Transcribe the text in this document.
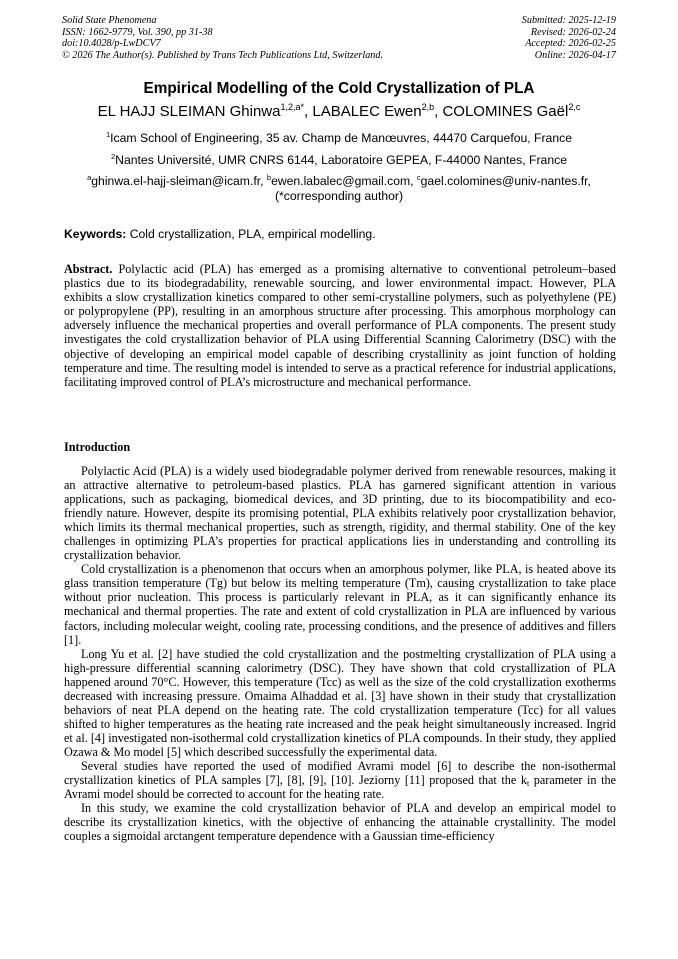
Solid State Phenomena
ISSN: 1662-9779, Vol. 390, pp 31-38
doi:10.4028/p-LwDCV7
© 2026 The Author(s). Published by Trans Tech Publications Ltd, Switzerland.
Submitted: 2025-12-19
Revised: 2026-02-24
Accepted: 2026-02-25
Online: 2026-04-17
Empirical Modelling of the Cold Crystallization of PLA
EL HAJJ SLEIMAN Ghinwa$^{1,2,a*}$, LABALEC Ewen$^{2,b}$, COLOMINES Gaël$^{2,c}$
$^1$Icam School of Engineering, 35 av. Champ de Manœuvres, 44470 Carquefou, France
$^2$Nantes Université, UMR CNRS 6144, Laboratoire GEPEA, F-44000 Nantes, France
$^a$ghinwa.el-hajj-sleiman@icam.fr, $^b$ewen.labalec@gmail.com, $^c$gael.colomines@univ-nantes.fr,
(*corresponding author)
Keywords: Cold crystallization, PLA, empirical modelling.
Abstract. Polylactic acid (PLA) has emerged as a promising alternative to conventional petroleum–based plastics due to its biodegradability, renewable sourcing, and lower environmental impact. However, PLA exhibits a slow crystallization kinetics compared to other semi-crystalline polymers, such as polyethylene (PE) or polypropylene (PP), resulting in an amorphous structure after processing. This amorphous morphology can adversely influence the mechanical properties and overall performance of PLA components. The present study investigates the cold crystallization behavior of PLA using Differential Scanning Calorimetry (DSC) with the objective of developing an empirical model capable of describing crystallinity as joint function of holding temperature and time. The resulting model is intended to serve as a practical reference for industrial applications, facilitating improved control of PLA’s microstructure and mechanical performance.
Introduction

Polylactic Acid (PLA) is a widely used biodegradable polymer derived from renewable resources, making it an attractive alternative to petroleum-based plastics. PLA has garnered significant attention in various applications, such as packaging, biomedical devices, and 3D printing, due to its biocompatibility and eco-friendly nature. However, despite its promising potential, PLA exhibits relatively poor crystallization behavior, which limits its thermal mechanical properties, such as strength, rigidity, and thermal stability. One of the key challenges in optimizing PLA’s properties for practical applications lies in understanding and controlling its crystallization behavior.

Cold crystallization is a phenomenon that occurs when an amorphous polymer, like PLA, is heated above its glass transition temperature (Tg) but below its melting temperature (Tm), causing crystallization to take place without prior nucleation. This process is particularly relevant in PLA, as it can significantly enhance its mechanical and thermal properties. The rate and extent of cold crystallization in PLA are influenced by various factors, including molecular weight, cooling rate, processing conditions, and the presence of additives and fillers [1].

Long Yu et al. [2] have studied the cold crystallization and the postmelting crystallization of PLA using a high-pressure differential scanning calorimetry (DSC). They have shown that cold crystallization of PLA happened around 70°C. However, this temperature (Tcc) as well as the size of the cold crystallization exotherms decreased with increasing pressure. Omaima Alhaddad et al. [3] have shown in their study that crystallization behaviors of neat PLA depend on the heating rate. The cold crystallization temperature (Tcc) for all values shifted to higher temperatures as the heating rate increased and the peak height simultaneously increased. Ingrid et al. [4] investigated non-isothermal cold crystallization kinetics of PLA compounds. In their study, they applied Ozawa & Mo model [5] which described successfully the experimental data.

Several studies have reported the used of modified Avrami model [6] to describe the non-isothermal crystallization kinetics of PLA samples [7], [8], [9], [10]. Jeziorny [11] proposed that the $k_t$ parameter in the Avrami model should be corrected to account for the heating rate.

In this study, we examine the cold crystallization behavior of PLA and develop an empirical model to describe its crystallization kinetics, with the objective of enhancing the attainable crystallinity. The model couples a sigmoidal arctangent temperature dependence with a Gaussian time-efficiency
